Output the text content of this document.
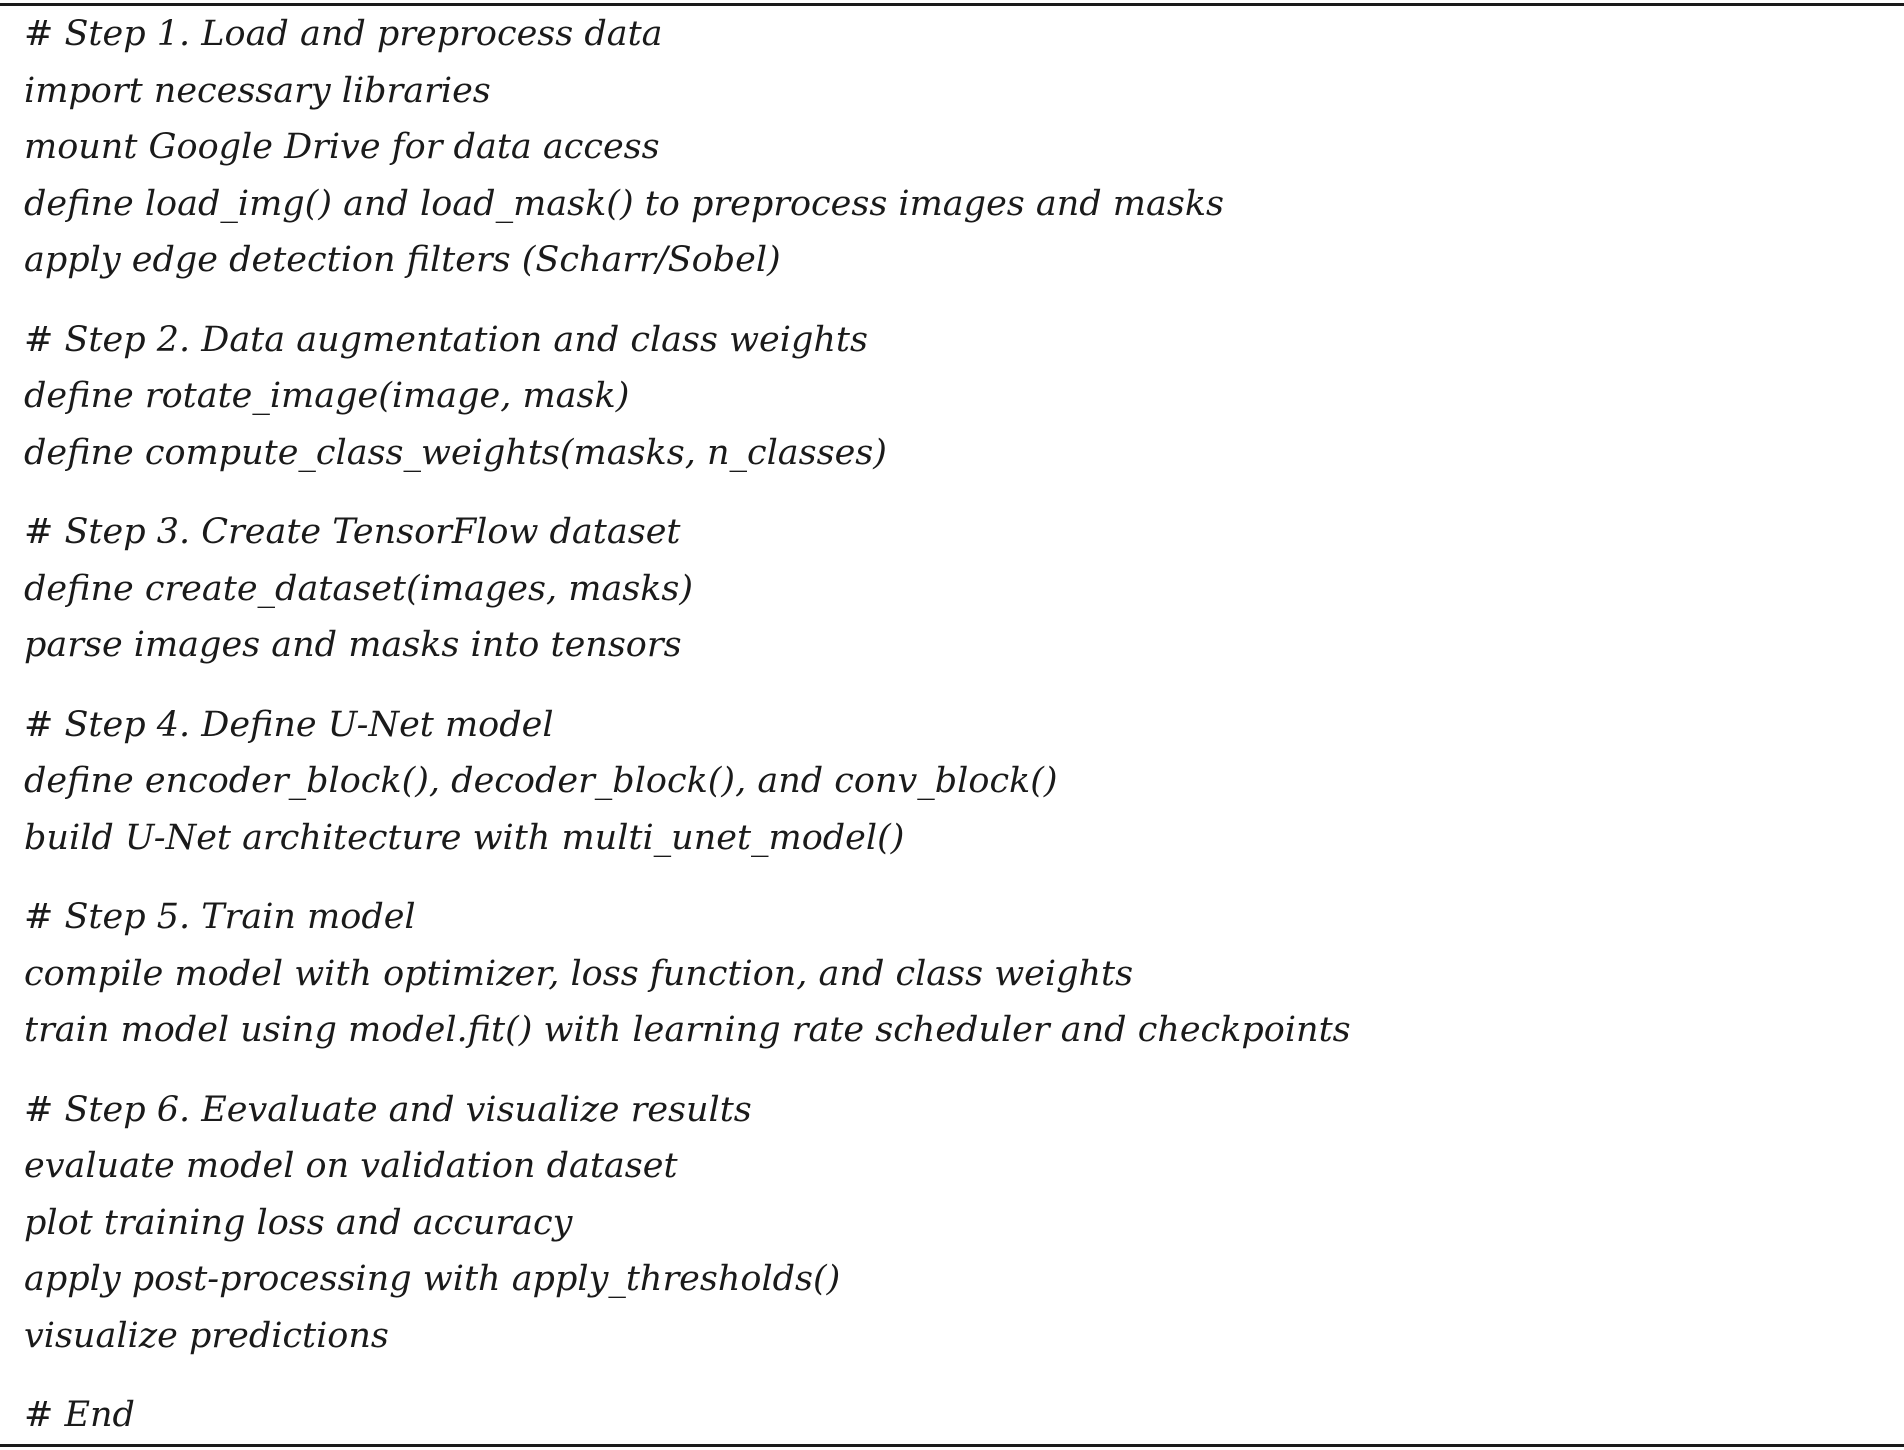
# Step 1. Load and preprocess data
import necessary libraries
mount Google Drive for data access
define load_img() and load_mask() to preprocess images and masks
apply edge detection filters (Scharr/Sobel)
# Step 2. Data augmentation and class weights
define rotate_image(image, mask)
define compute_class_weights(masks, n_classes)
# Step 3. Create TensorFlow dataset
define create_dataset(images, masks)
parse images and masks into tensors
# Step 4. Define U-Net model
define encoder_block(), decoder_block(), and conv_block()
build U-Net architecture with multi_unet_model()
# Step 5. Train model
compile model with optimizer, loss function, and class weights
train model using model.fit() with learning rate scheduler and checkpoints
# Step 6. Eevaluate and visualize results
evaluate model on validation dataset
plot training loss and accuracy
apply post-processing with apply_thresholds()
visualize predictions
# End
